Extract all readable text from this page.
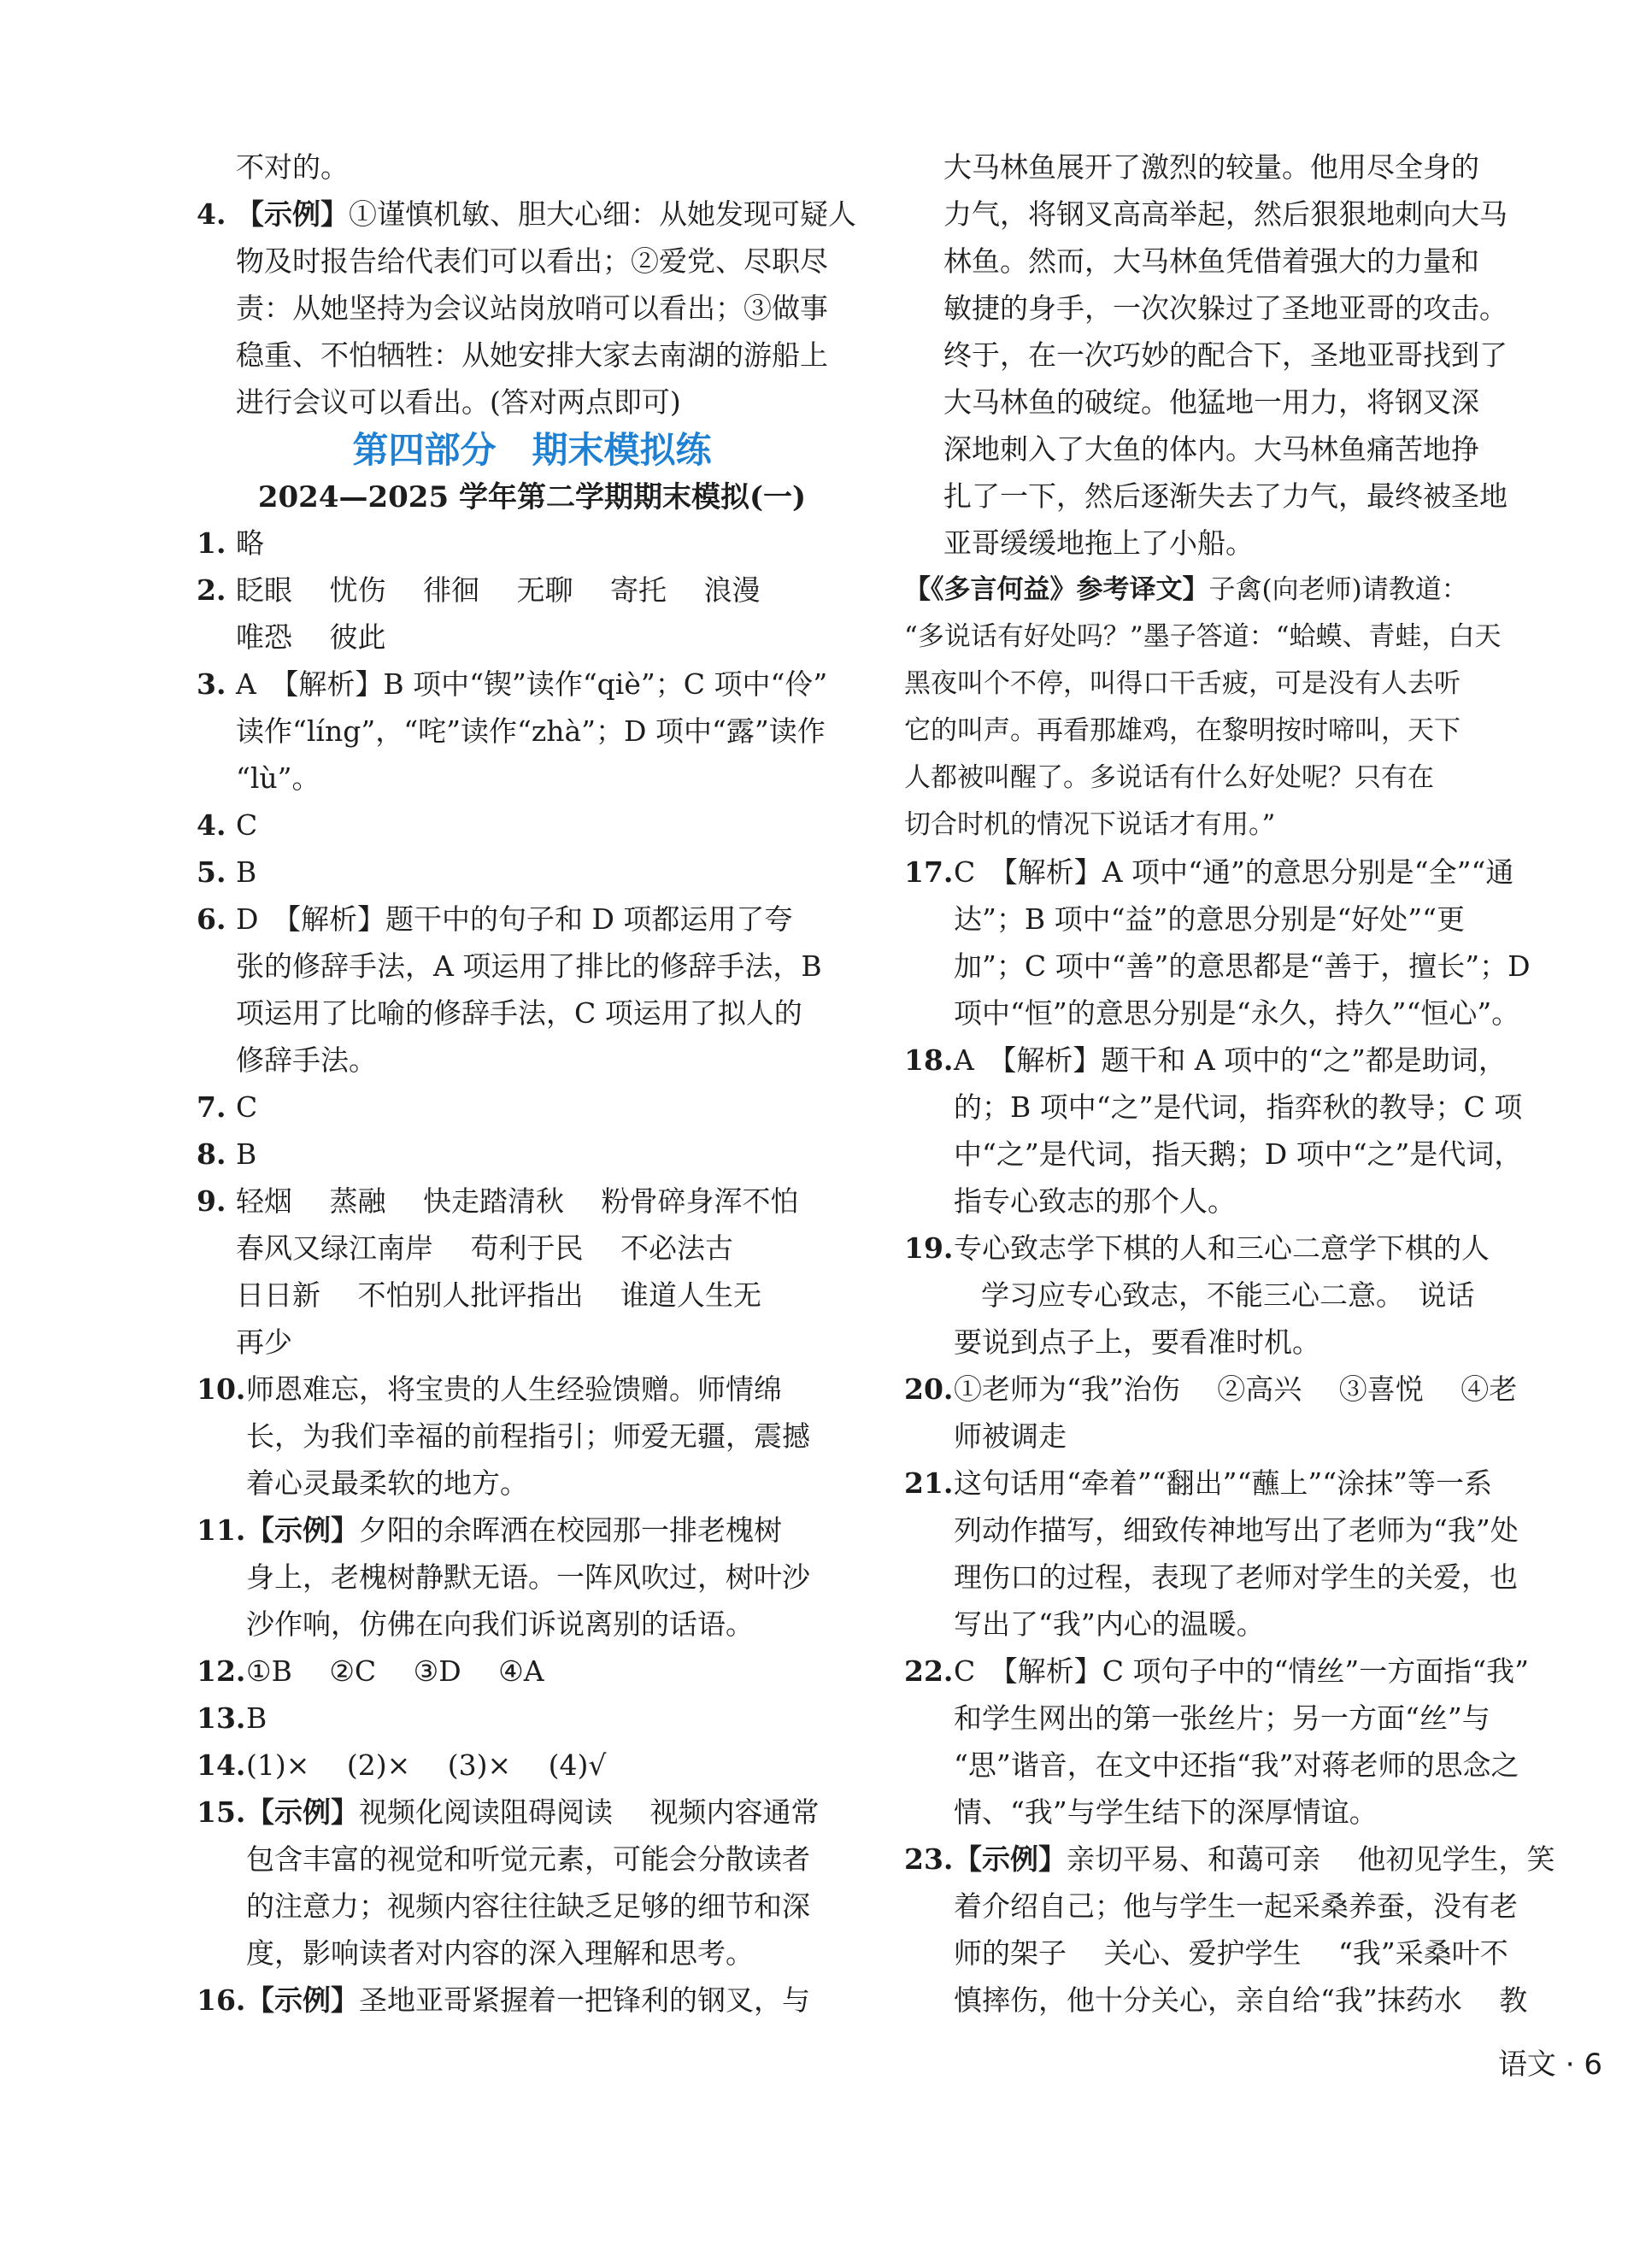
不对的。
4. 【示例】①谨慎机敏、胆大心细：从她发现可疑人
物及时报告给代表们可以看出；②爱党、尽职尽
责：从她坚持为会议站岗放哨可以看出；③做事
稳重、不怕牺牲：从她安排大家去南湖的游船上
进行会议可以看出。(答对两点即可)
第四部分　期末模拟练
2024—2025 学年第二学期期末模拟(一)
1. 略
2. 眨眼　 忧伤　 徘徊　 无聊　 寄托　 浪漫
唯恐　 彼此
3. A　【解析】B 项中“锲”读作“qiè”；C 项中“伶”
读作“líng”，“咤”读作“zhà”；D 项中“露”读作
“lù”。
4. C
5. B
6. D　【解析】题干中的句子和 D 项都运用了夸
张的修辞手法，A 项运用了排比的修辞手法，B
项运用了比喻的修辞手法，C 项运用了拟人的
修辞手法。
7. C
8. B
9. 轻烟　 蒸融　 快走踏清秋　 粉骨碎身浑不怕
春风又绿江南岸　 苟利于民　 不必法古
日日新　 不怕别人批评指出　 谁道人生无
再少
10.师恩难忘，将宝贵的人生经验馈赠。师情绵
长，为我们幸福的前程指引；师爱无疆，震撼
着心灵最柔软的地方。
11.【示例】夕阳的余晖洒在校园那一排老槐树
身上，老槐树静默无语。一阵风吹过，树叶沙
沙作响，仿佛在向我们诉说离别的话语。
12.①B　 ②C　 ③D　 ④A
13.B
14.(1)×　 (2)×　 (3)×　 (4)√
15.【示例】视频化阅读阻碍阅读　 视频内容通常
包含丰富的视觉和听觉元素，可能会分散读者
的注意力；视频内容往往缺乏足够的细节和深
度，影响读者对内容的深入理解和思考。
16.【示例】圣地亚哥紧握着一把锋利的钢叉，与
大马林鱼展开了激烈的较量。他用尽全身的
力气，将钢叉高高举起，然后狠狠地刺向大马
林鱼。然而，大马林鱼凭借着强大的力量和
敏捷的身手，一次次躲过了圣地亚哥的攻击。
终于，在一次巧妙的配合下，圣地亚哥找到了
大马林鱼的破绽。他猛地一用力，将钢叉深
深地刺入了大鱼的体内。大马林鱼痛苦地挣
扎了一下，然后逐渐失去了力气，最终被圣地
亚哥缓缓地拖上了小船。
【《多言何益》参考译文】子禽(向老师)请教道：
“多说话有好处吗？”墨子答道：“蛤蟆、青蛙，白天
黑夜叫个不停，叫得口干舌疲，可是没有人去听
它的叫声。再看那雄鸡，在黎明按时啼叫，天下
人都被叫醒了。多说话有什么好处呢？只有在
切合时机的情况下说话才有用。”
17.C　【解析】A 项中“通”的意思分别是“全”“通
达”；B 项中“益”的意思分别是“好处”“更
加”；C 项中“善”的意思都是“善于，擅长”；D
项中“恒”的意思分别是“永久，持久”“恒心”。
18.A　【解析】题干和 A 项中的“之”都是助词，
的；B 项中“之”是代词，指弈秋的教导；C 项
中“之”是代词，指天鹅；D 项中“之”是代词，
指专心致志的那个人。
19.专心致志学下棋的人和三心二意学下棋的人
学习应专心致志，不能三心二意。　说话
要说到点子上，要看准时机。
20.①老师为“我”治伤　 ②高兴　 ③喜悦　 ④老
师被调走
21.这句话用“牵着”“翻出”“蘸上”“涂抹”等一系
列动作描写，细致传神地写出了老师为“我”处
理伤口的过程，表现了老师对学生的关爱，也
写出了“我”内心的温暖。
22.C　【解析】C 项句子中的“情丝”一方面指“我”
和学生网出的第一张丝片；另一方面“丝”与
“思”谐音，在文中还指“我”对蒋老师的思念之
情、“我”与学生结下的深厚情谊。
23.【示例】亲切平易、和蔼可亲　 他初见学生，笑
着介绍自己；他与学生一起采桑养蚕，没有老
师的架子　 关心、爱护学生　 “我”采桑叶不
慎摔伤，他十分关心，亲自给“我”抹药水　 教
语文 · 6
